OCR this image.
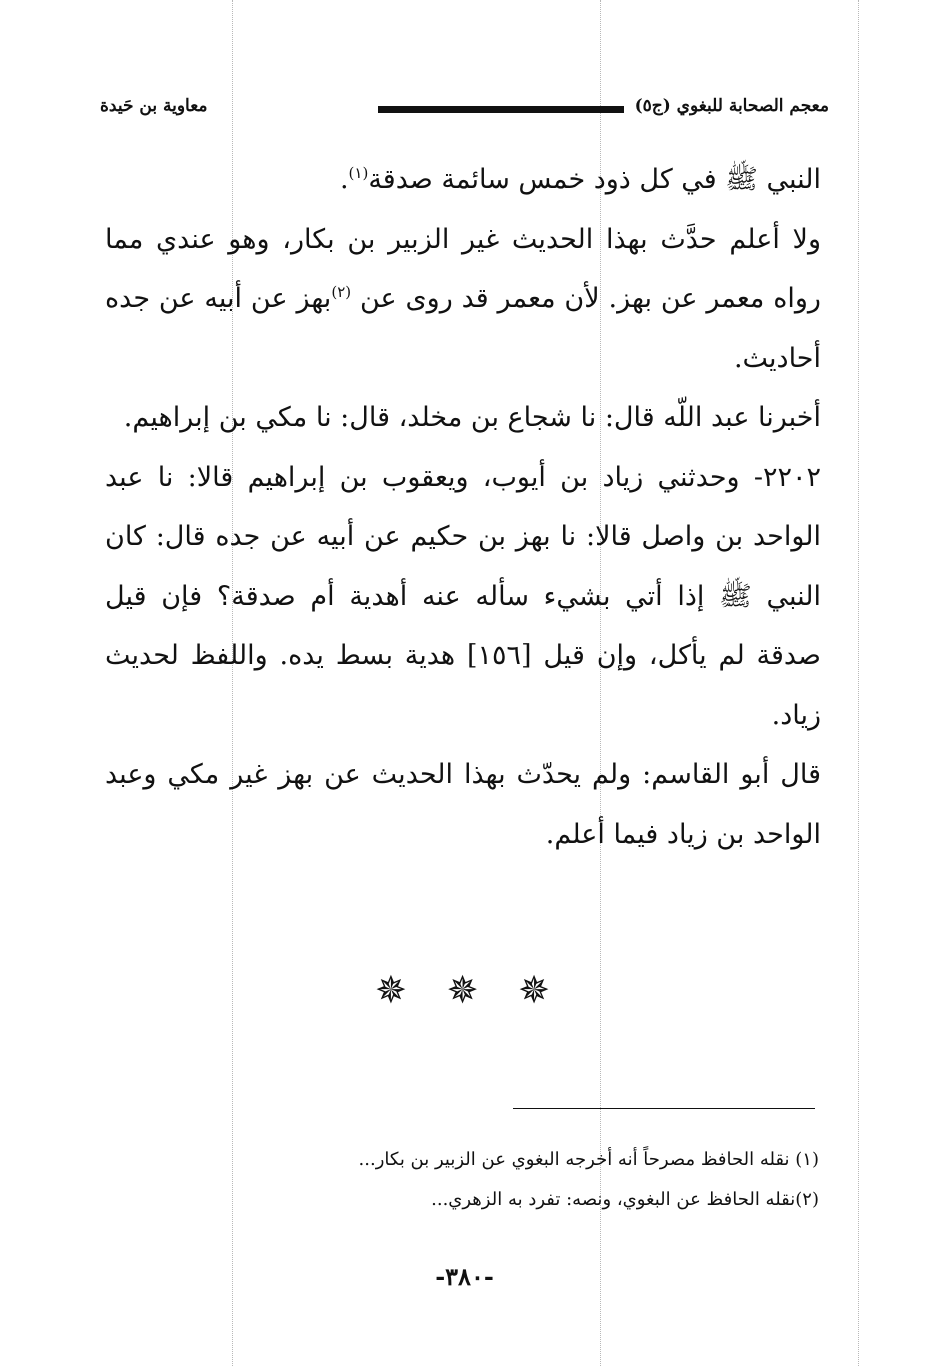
معجم الصحابة للبغوي (ج٥)
معاوية بن حَيدة

النبي ﷺ في كل ذود خمس سائمة صدقة$^{(١)}$.

ولا أعلم حدَّث بهذا الحديث غير الزبير بن بكار، وهو عندي مما رواه معمر عن بهز. لأن معمر قد روى عن $^{(٢)}$بهز عن أبيه عن جده أحاديث.

أخبرنا عبد اللّه قال: نا شجاع بن مخلد، قال: نا مكي بن إبراهيم.

٢٢٠٢- وحدثني زياد بن أيوب، ويعقوب بن إبراهيم قالا: نا عبد الواحد بن واصل قالا: نا بهز بن حكيم عن أبيه عن جده قال: كان النبي ﷺ إذا أتي بشيء سأله عنه أهدية أم صدقة؟ فإن قيل صدقة لم يأكل، وإن قيل [١٥٦] هدية بسط يده. واللفظ لحديث زياد.

قال أبو القاسم: ولم يحدّث بهذا الحديث عن بهز غير مكي وعبد الواحد بن زياد فيما أعلم.

✵ ✵ ✵
(١) نقله الحافظ مصرحاً أنه أخرجه البغوي عن الزبير بن بكار...
(٢)نقله الحافظ عن البغوي، ونصه: تفرد به الزهري...
-٣٨٠-
